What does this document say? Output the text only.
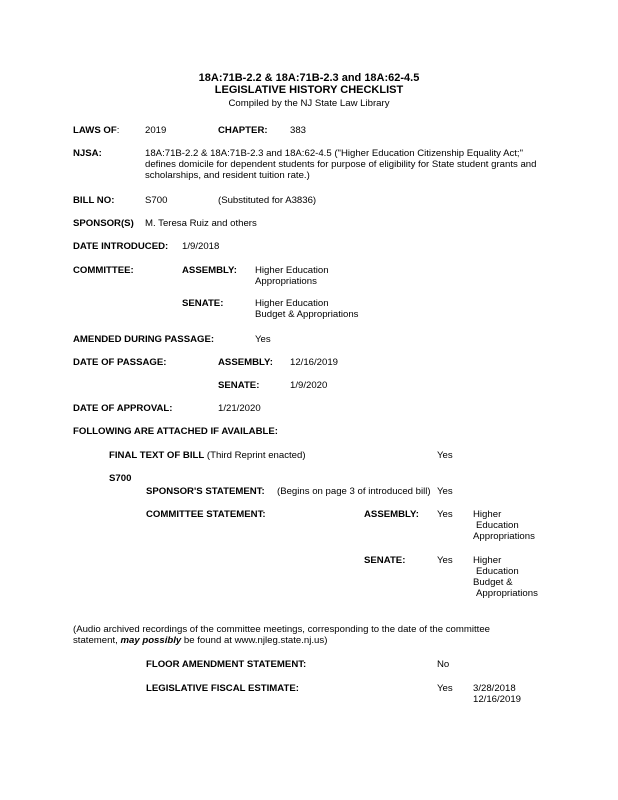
18A:71B-2.2 & 18A:71B-2.3 and 18A:62-4.5
LEGISLATIVE HISTORY CHECKLIST
Compiled by the NJ State Law Library
LAWS OF:	2019	CHAPTER: 383
NJSA:	18A:71B-2.2 & 18A:71B-2.3 and 18A:62-4.5 ("Higher Education Citizenship Equality Act;"
defines domicile for dependent students for purpose of eligibility for State student grants and
scholarships, and resident tuition rate.)
BILL NO:	S700	(Substituted for A3836)
SPONSOR(S) M. Teresa Ruiz and others
DATE INTRODUCED: 1/9/2018
COMMITTEE:	ASSEMBLY: Higher Education
Appropriations
SENATE:	Higher Education
Budget & Appropriations
AMENDED DURING PASSAGE:	Yes
DATE OF PASSAGE:	ASSEMBLY: 12/16/2019
SENATE:	1/9/2020
DATE OF APPROVAL:	1/21/2020
FOLLOWING ARE ATTACHED IF AVAILABLE:
FINAL TEXT OF BILL (Third Reprint enacted)	Yes
S700
SPONSOR'S STATEMENT: (Begins on page 3 of introduced bill) Yes
COMMITTEE STATEMENT:	ASSEMBLY: Yes Higher
Education
Appropriations
SENATE:	Yes Higher
Education
Budget &
Appropriations
(Audio archived recordings of the committee meetings, corresponding to the date of the committee
statement, may possibly be found at www.njleg.state.nj.us)
FLOOR AMENDMENT STATEMENT:	No
LEGISLATIVE FISCAL ESTIMATE:	Yes 3/28/2018
12/16/2019
